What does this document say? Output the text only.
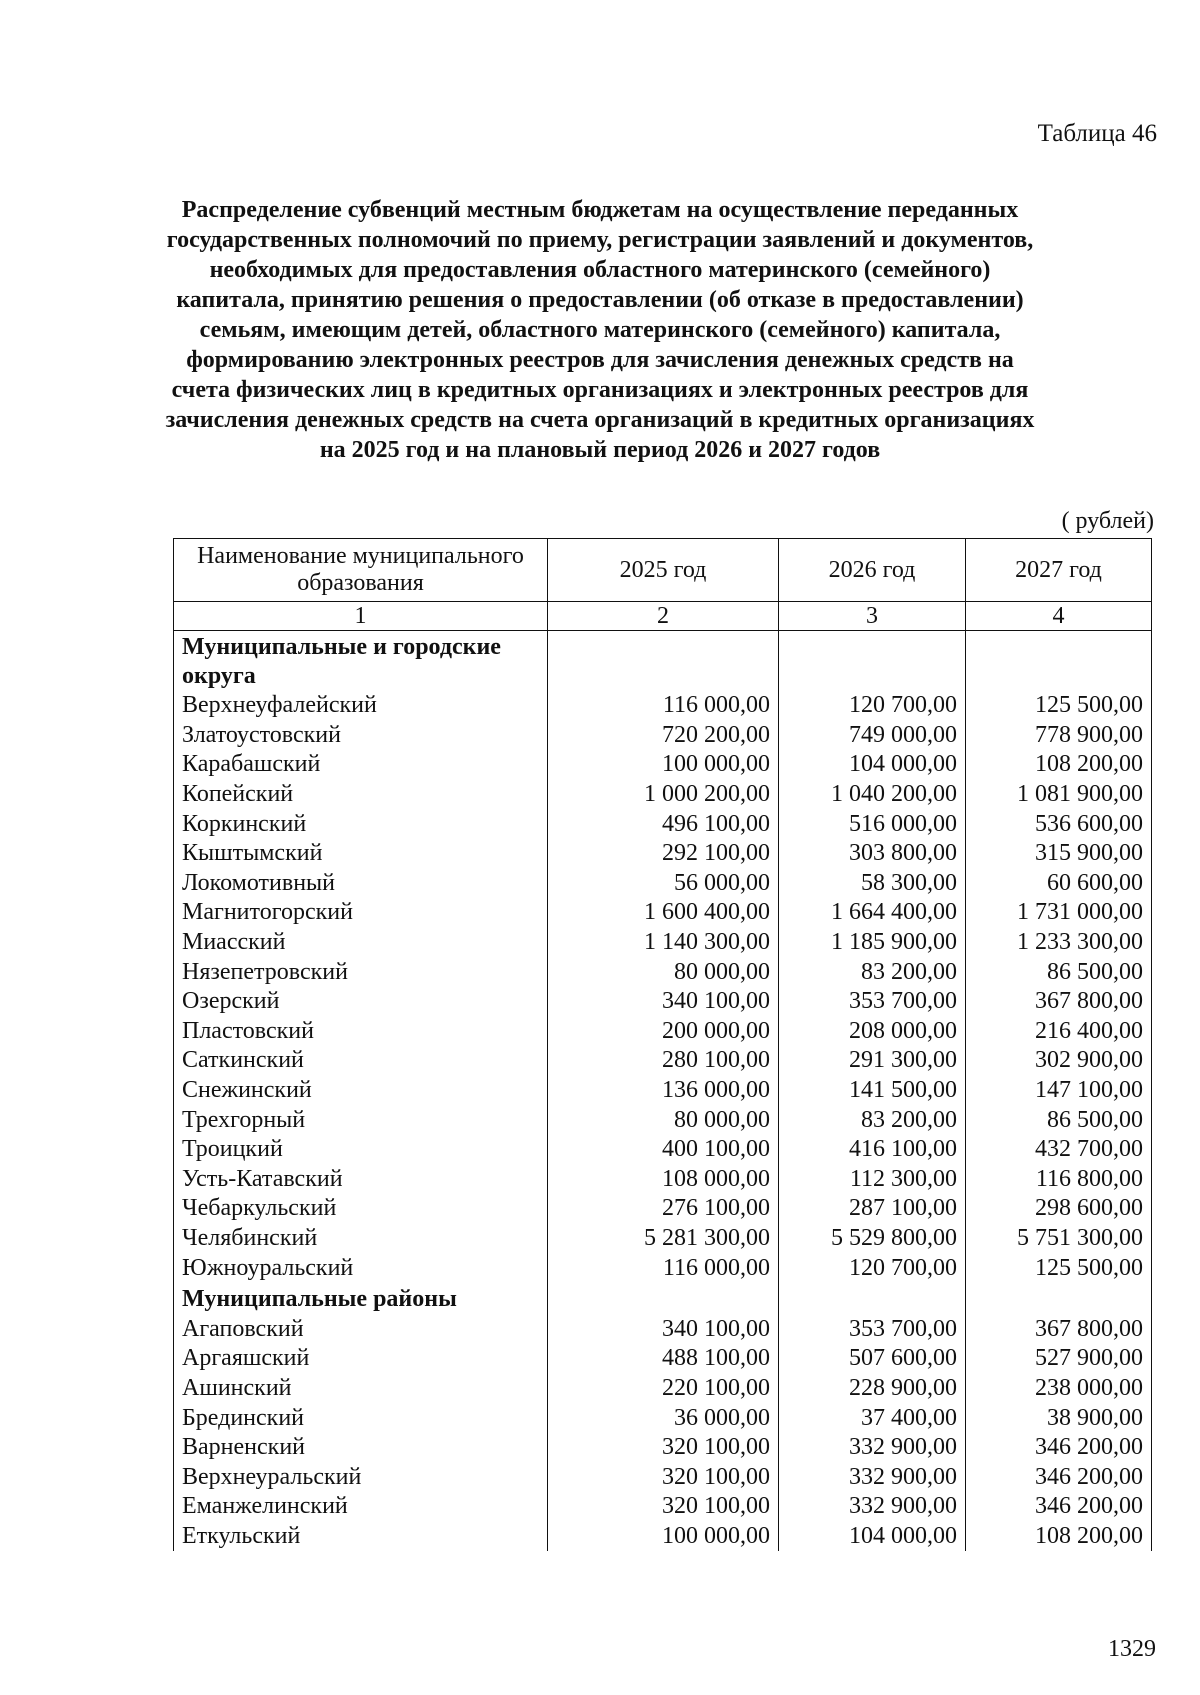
Таблица 46
Распределение субвенций местным бюджетам на осуществление переданных
государственных полномочий по приему, регистрации заявлений и документов,
необходимых для предоставления областного материнского (семейного)
капитала, принятию решения о предоставлении (об отказе в предоставлении)
семьям, имеющим детей, областного материнского (семейного) капитала,
формированию электронных реестров для зачисления денежных средств на
счета физических лиц в кредитных организациях и электронных реестров для
зачисления денежных средств на счета организаций в кредитных организациях
на 2025 год и на плановый период 2026 и 2027 годов
( рублей)
Наименование муниципального образования	2025 год	2026 год	2027 год
1	2	3	4
Муниципальные и городские округа			
Верхнеуфалейский	116 000,00	120 700,00	125 500,00
Златоустовский	720 200,00	749 000,00	778 900,00
Карабашский	100 000,00	104 000,00	108 200,00
Копейский	1 000 200,00	1 040 200,00	1 081 900,00
Коркинский	496 100,00	516 000,00	536 600,00
Кыштымский	292 100,00	303 800,00	315 900,00
Локомотивный	56 000,00	58 300,00	60 600,00
Магнитогорский	1 600 400,00	1 664 400,00	1 731 000,00
Миасский	1 140 300,00	1 185 900,00	1 233 300,00
Нязепетровский	80 000,00	83 200,00	86 500,00
Озерский	340 100,00	353 700,00	367 800,00
Пластовский	200 000,00	208 000,00	216 400,00
Саткинский	280 100,00	291 300,00	302 900,00
Снежинский	136 000,00	141 500,00	147 100,00
Трехгорный	80 000,00	83 200,00	86 500,00
Троицкий	400 100,00	416 100,00	432 700,00
Усть-Катавский	108 000,00	112 300,00	116 800,00
Чебаркульский	276 100,00	287 100,00	298 600,00
Челябинский	5 281 300,00	5 529 800,00	5 751 300,00
Южноуральский	116 000,00	120 700,00	125 500,00
Муниципальные районы			
Агаповский	340 100,00	353 700,00	367 800,00
Аргаяшский	488 100,00	507 600,00	527 900,00
Ашинский	220 100,00	228 900,00	238 000,00
Брединский	36 000,00	37 400,00	38 900,00
Варненский	320 100,00	332 900,00	346 200,00
Верхнеуральский	320 100,00	332 900,00	346 200,00
Еманжелинский	320 100,00	332 900,00	346 200,00
Еткульский	100 000,00	104 000,00	108 200,00
1329
